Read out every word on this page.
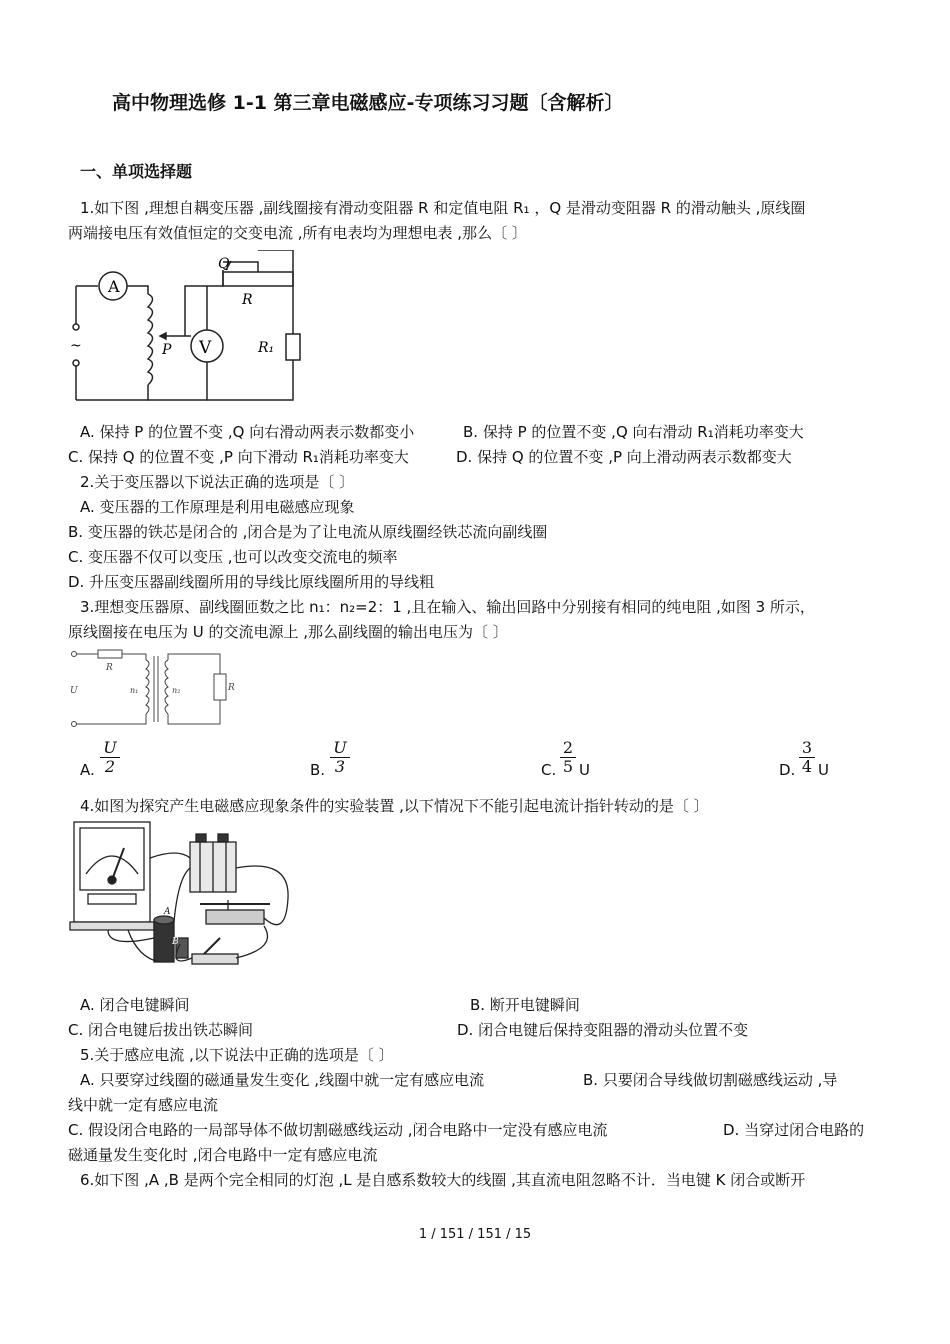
高中物理选修 1-1 第三章电磁感应-专项练习习题〔含解析〕
一、单项选择题
1.如下图 ,理想自耦变压器 ,副线圈接有滑动变阻器 R 和定值电阻 R₁ ，Q 是滑动变阻器 R 的滑动触头 ,原线圈
两端接电压有效值恒定的交变电流 ,所有电表均为理想电表 ,那么〔 〕
A
V
Q
R
P	R₁
~
A. 保持 P 的位置不变 ,Q 向右滑动两表示数都变小	B. 保持 P 的位置不变 ,Q 向右滑动 R₁消耗功率变大
C. 保持 Q 的位置不变 ,P 向下滑动 R₁消耗功率变大	D. 保持 Q 的位置不变 ,P 向上滑动两表示数都变大
2.关于变压器以下说法正确的选项是〔 〕
A. 变压器的工作原理是利用电磁感应现象
B. 变压器的铁芯是闭合的 ,闭合是为了让电流从原线圈经铁芯流向副线圈
C. 变压器不仅可以变压 ,也可以改变交流电的频率
D. 升压变压器副线圈所用的导线比原线圈所用的导线粗
3.理想变压器原、副线圈匝数之比 n₁：n₂=2：1 ,且在输入、输出回路中分别接有相同的纯电阻 ,如图 3 所示，
原线圈接在电压为 U 的交流电源上 ,那么副线圈的输出电压为〔 〕
R
U	n₁	n₂	R
A.
U
2	B.
U
3	C.
2
5 U	D.
3
4 U
4.如图为探究产生电磁感应现象条件的实验装置 ,以下情况下不能引起电流计指针转动的是〔 〕
A
B
A. 闭合电键瞬间	B. 断开电键瞬间
C. 闭合电键后拔出铁芯瞬间	D. 闭合电键后保持变阻器的滑动头位置不变
5.关于感应电流 ,以下说法中正确的选项是〔 〕
A. 只要穿过线圈的磁通量发生变化 ,线圈中就一定有感应电流	B. 只要闭合导线做切割磁感线运动 ,导
线中就一定有感应电流
C. 假设闭合电路的一局部导体不做切割磁感线运动 ,闭合电路中一定没有感应电流	D. 当穿过闭合电路的
磁通量发生变化时 ,闭合电路中一定有感应电流
6.如下图 ,A ,B 是两个完全相同的灯泡 ,L 是自感系数较大的线圈 ,其直流电阻忽略不计．当电键 K 闭合或断开
1 / 151 / 151 / 15
